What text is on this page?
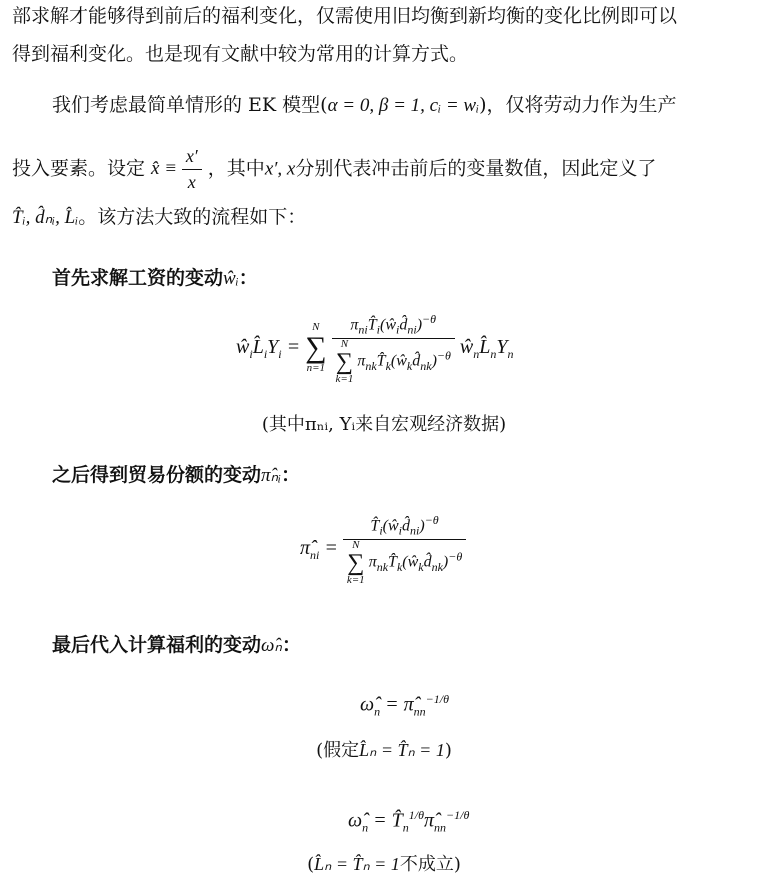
部求解才能够得到前后的福利变化，仅需使用旧均衡到新均衡的变化比例即可以
得到福利变化。也是现有文献中较为常用的计算方式。
我们考虑最简单情形的 EK 模型(α = 0, β = 1, cᵢ = wᵢ)，仅将劳动力作为生产
投入要素。设定 x̂ ≡ $\frac{x'}{x}$ ，其中x′, x分别代表冲击前后的变量数值，因此定义了
T̂ᵢ, d̂ₙᵢ, L̂ᵢ。该方法大致的流程如下：
首先求解工资的变动ŵᵢ：
$ŵ_iL̂_iY_i$ =
N
∑
n=1
$\pi_{ni}T̂_i(ŵ_id̂_{ni})^{-\theta}$
N
∑
k=1
$\pi_{nk}T̂_k(ŵ_kd̂_{nk})^{-\theta}$ $ŵ_nL̂_nY_n$
(其中πₙᵢ, Yᵢ来自宏观经济数据)
之后得到贸易份额的变动π̂ₙᵢ：
$\pî_{ni}$ = $T̂_i(ŵ_id̂_{ni})^{-\theta}$
N
∑
k=1
$\pi_{nk}T̂_k(ŵ_kd̂_{nk})^{-\theta}$
最后代入计算福利的变动ω̂ₙ：
$\omegâ_n$ = $\pî_{nn}^{-1/\theta}$
(假定L̂ₙ = T̂ₙ = 1)
$\omegâ_n$ = $T̂_n^{1/\theta}\pî_{nn}^{-1/\theta}$
(L̂ₙ = T̂ₙ = 1不成立)
